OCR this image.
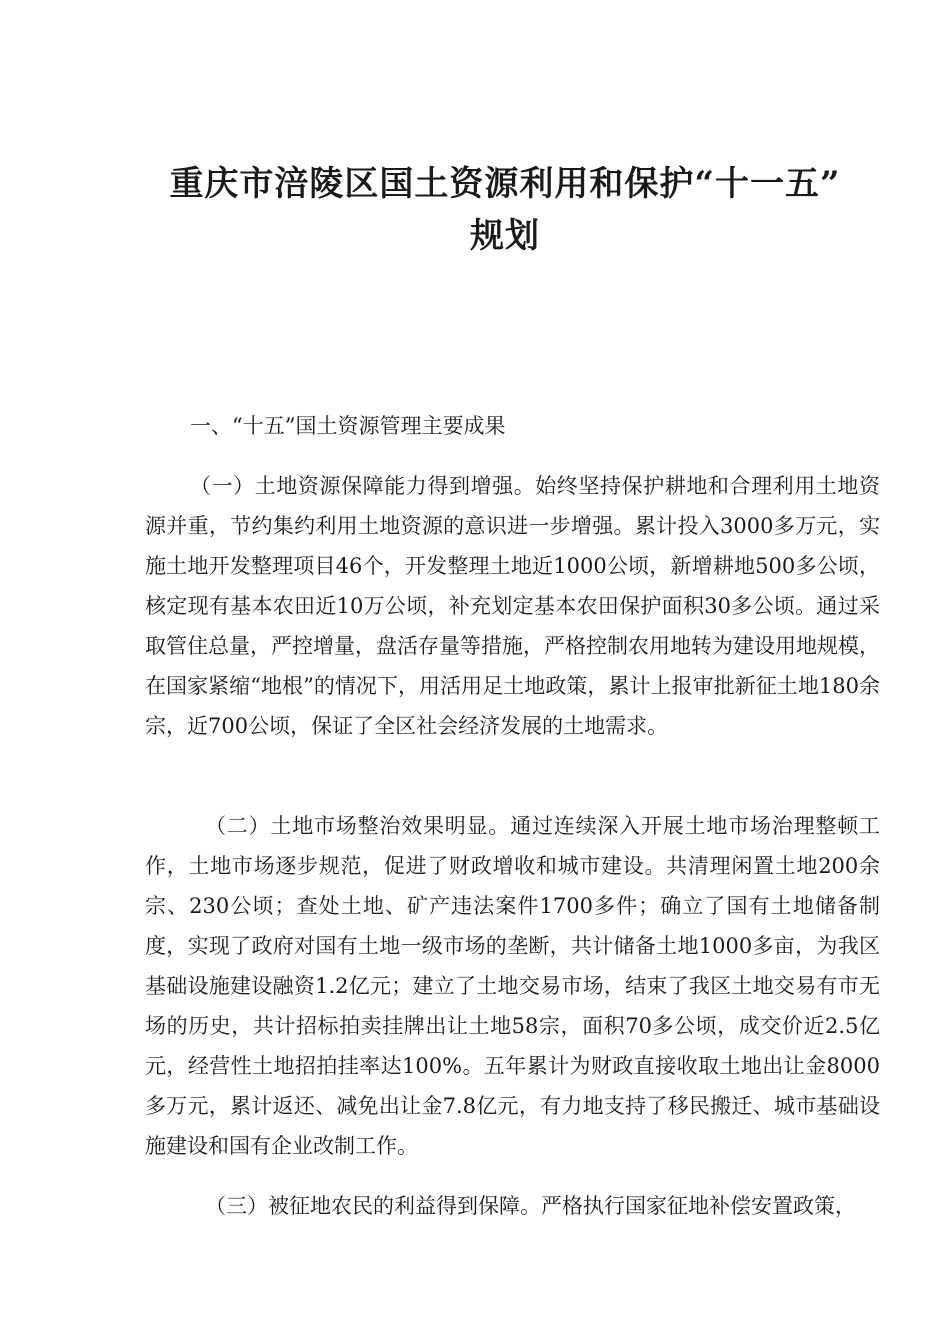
重庆市涪陵区国土资源利用和保护“十一五”
规划

一、“十五”国土资源管理主要成果

（一）土地资源保障能力得到增强。始终坚持保护耕地和合理利用土地资源并重，节约集约利用土地资源的意识进一步增强。累计投入3000多万元，实施土地开发整理项目46个，开发整理土地近1000公顷，新增耕地500多公顷，核定现有基本农田近10万公顷，补充划定基本农田保护面积30多公顷。通过采取管住总量，严控增量，盘活存量等措施，严格控制农用地转为建设用地规模，在国家紧缩“地根”的情况下，用活用足土地政策，累计上报审批新征土地180余宗，近700公顷，保证了全区社会经济发展的土地需求。

（二）土地市场整治效果明显。通过连续深入开展土地市场治理整顿工作，土地市场逐步规范，促进了财政增收和城市建设。共清理闲置土地200余宗、230公顷；查处土地、矿产违法案件1700多件；确立了国有土地储备制度，实现了政府对国有土地一级市场的垄断，共计储备土地1000多亩，为我区基础设施建设融资1.2亿元；建立了土地交易市场，结束了我区土地交易有市无场的历史，共计招标拍卖挂牌出让土地58宗，面积70多公顷，成交价近2.5亿元，经营性土地招拍挂率达100%。五年累计为财政直接收取土地出让金8000多万元，累计返还、减免出让金7.8亿元，有力地支持了移民搬迁、城市基础设施建设和国有企业改制工作。

（三）被征地农民的利益得到保障。严格执行国家征地补偿安置政策，
